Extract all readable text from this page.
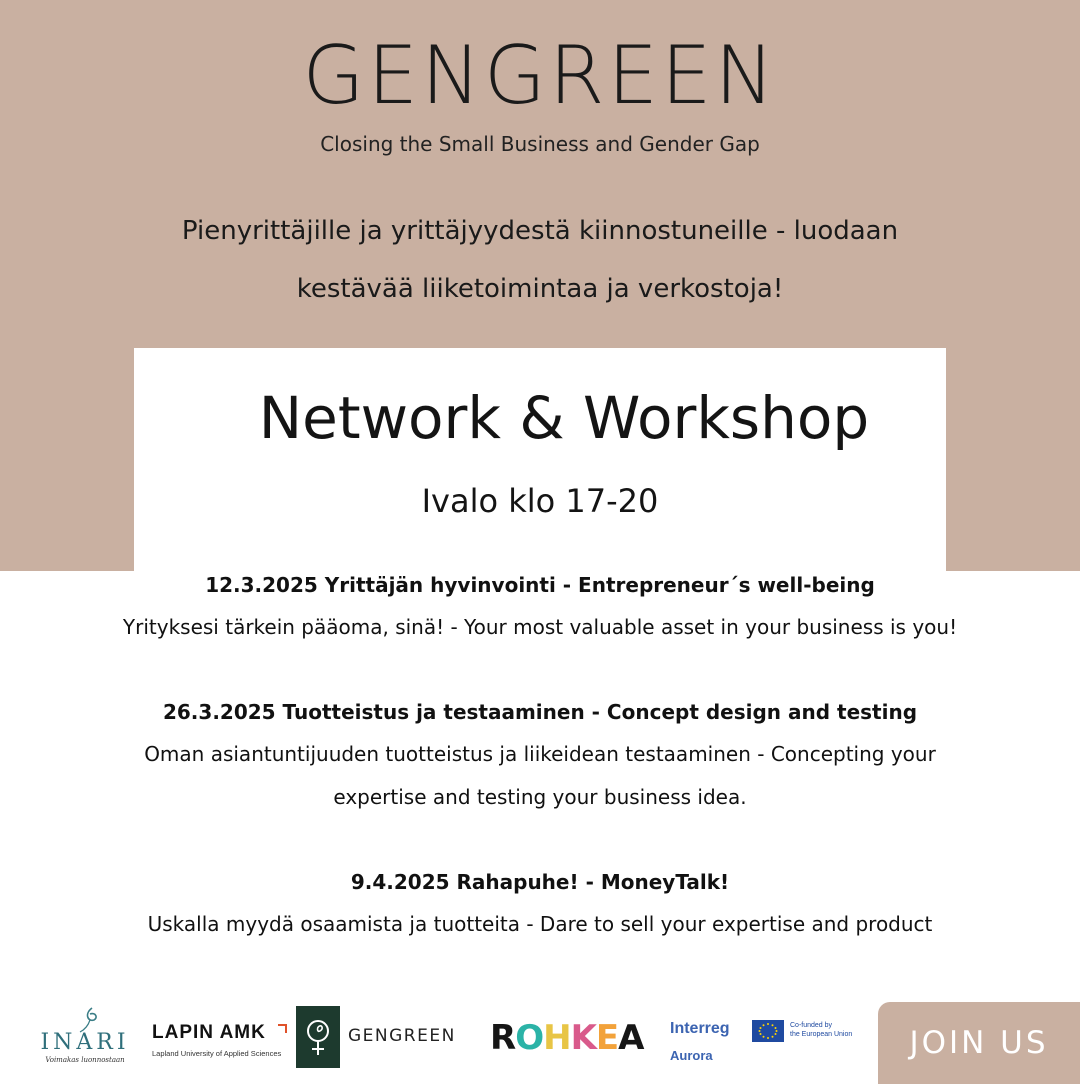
GENGREEN
Closing the Small Business and Gender Gap
Pienyrittäjille ja yrittäjyydestä kiinnostuneille - luodaan
kestävää liiketoimintaa ja verkostoja!
Network & Workshop
Ivalo klo 17-20
12.3.2025 Yrittäjän hyvinvointi - Entrepreneur´s well-being
Yrityksesi tärkein pääoma, sinä! - Your most valuable asset in your business is you!
26.3.2025 Tuotteistus ja testaaminen - Concept design and testing
Oman asiantuntijuuden tuotteistus ja liikeidean testaaminen - Concepting your expertise and testing your business idea.
9.4.2025 Rahapuhe! - MoneyTalk!
Uskalla myydä osaamista ja tuotteita - Dare to sell your expertise and product
INARI
Voimakas luonnostaan
LAPIN AMK
Lapland University of Applied Sciences
GENGREEN ROHKEA	Interreg
Aurora
Co-funded by
the European Union	JOIN US
